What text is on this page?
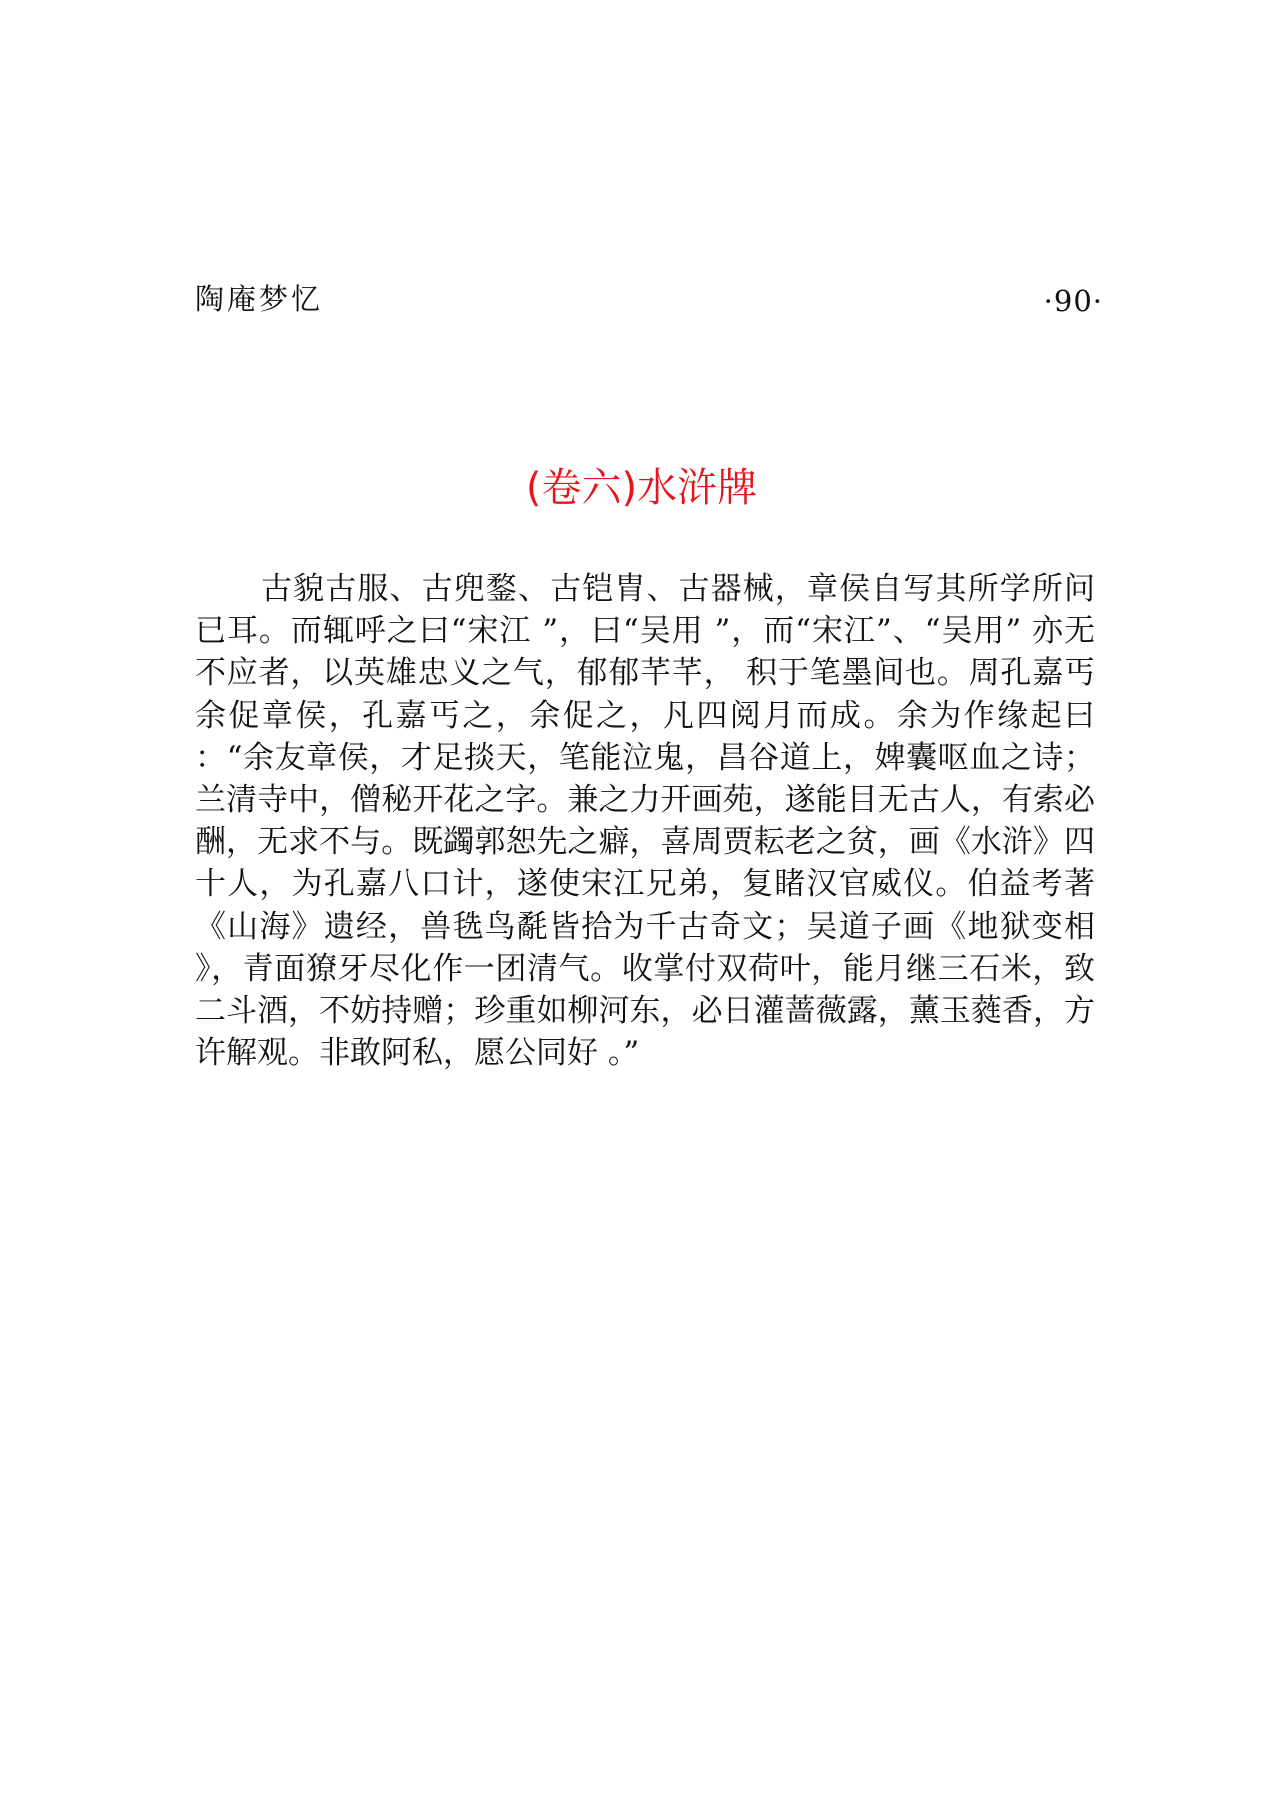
陶庵梦忆	·90·
(卷六)水浒牌

古貌古服、古兜鍪、古铠胄、古器械，章侯自写其所学所问已耳。而辄呼之曰“宋江 ”，曰“吴用 ”，而“宋江”、“吴用” 亦无不应者，以英雄忠义之气，郁郁芊芊， 积于笔墨间也。周孔嘉丐余促章侯，孔嘉丐之，余促之，凡四阅月而成。余为作缘起曰 ：“余友章侯，才足掞天，笔能泣鬼，昌谷道上，婢囊呕血之诗；兰清寺中，僧秘开花之字。兼之力开画苑，遂能目无古人，有索必酬，无求不与。既蠲郭恕先之癖，喜周贾耘老之贫，画《水浒》四十人，为孔嘉八口计，遂使宋江兄弟，复睹汉官威仪。伯益考著《山海》遗经，兽毨鸟氄皆拾为千古奇文；吴道子画《地狱变相 》，青面獠牙尽化作一团清气。收掌付双荷叶，能月继三石米，致二斗酒，不妨持赠；珍重如柳河东，必日灌蔷薇露，薰玉蕤香，方许解观。非敢阿私，愿公同好 。”
